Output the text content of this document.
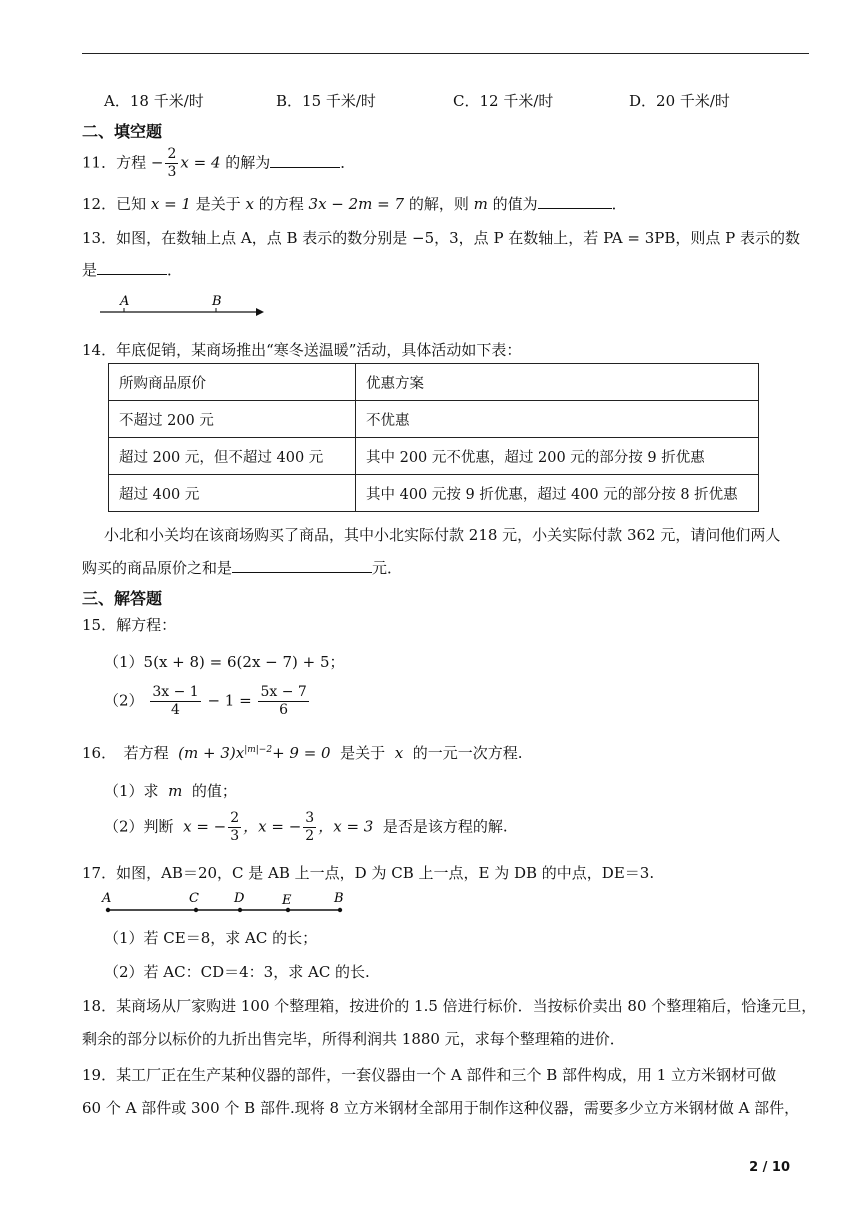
A．18 千米/时	B．15 千米/时	C．12 千米/时	D．20 千米/时
二、填空题
11．方程 − $\frac{2}{3}$ x = 4 的解为	．
12．已知 x = 1 是关于 x 的方程 3x − 2m = 7 的解，则 m 的值为	．
13．如图，在数轴上点 A，点 B 表示的数分别是 −5，3，点 P 在数轴上，若 PA = 3PB，则点 P 表示的数
是	．
A	B
14．年底促销，某商场推出“寒冬送温暖”活动，具体活动如下表：
所购商品原价	优惠方案
不超过 200 元	不优惠
超过 200 元，但不超过 400 元	其中 200 元不优惠，超过 200 元的部分按 9 折优惠
超过 400 元	其中 400 元按 9 折优惠，超过 400 元的部分按 8 折优惠
小北和小关均在该商场购买了商品，其中小北实际付款 218 元，小关实际付款 362 元，请问他们两人
购买的商品原价之和是	元．
三、解答题
15．解方程：
（1）5(x + 8) = 6(2x − 7) + 5；
$(2) \frac{3x - 1}{4} - 1 = \frac{5x - 7}{6}$
16．　若方程 $(m + 3)x^{|m|-2}+ 9 = 0$ 是关于 x 的一元一次方程.
（1）求 m 的值；
（2）判断 x = − $\frac{2}{3}$ ，x = − $\frac{3}{2}$ ，x = 3 是否是该方程的解.
17．如图，AB＝20，C 是 AB 上一点，D 为 CB 上一点，E 为 DB 的中点，DE＝3.
A	C	D	E	B
（1）若 CE＝8，求 AC 的长；
（2）若 AC：CD＝4：3，求 AC 的长.
18．某商场从厂家购进 100 个整理箱，按进价的 1.5 倍进行标价．当按标价卖出 80 个整理箱后，恰逢元旦，
剩余的部分以标价的九折出售完毕，所得利润共 1880 元，求每个整理箱的进价．
19．某工厂正在生产某种仪器的部件，一套仪器由一个 A 部件和三个 B 部件构成，用 1 立方米钢材可做
60 个 A 部件或 300 个 B 部件.现将 8 立方米钢材全部用于制作这种仪器，需要多少立方米钢材做 A 部件，
2 / 10
